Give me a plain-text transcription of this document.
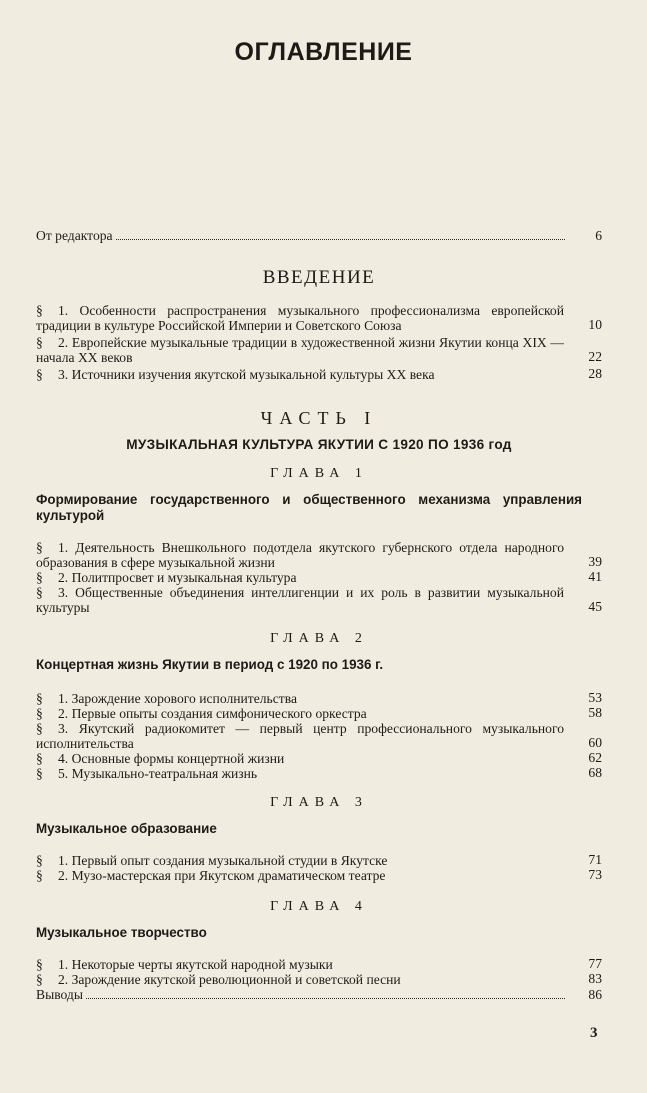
ОГЛАВЛЕНИЕ
От редактора	6
ВВЕДЕНИЕ
§ 1. Особенности распространения музыкального профессионализма европейской традиции в культуре Российской Империи и Советского Союза	10
§ 2. Европейские музыкальные традиции в художественной жизни Якутии конца XIX — начала XX веков	22
§ 3. Источники изучения якутской музыкальной культуры XX века	28
ЧАСТЬ I
МУЗЫКАЛЬНАЯ КУЛЬТУРА ЯКУТИИ С 1920 ПО 1936 год
ГЛАВА 1
Формирование государственного и общественного механизма управления культурой
§ 1. Деятельность Внешкольного подотдела якутского губернского отдела народного образования в сфере музыкальной жизни	39
§ 2. Политпросвет и музыкальная культура	41
§ 3. Общественные объединения интеллигенции и их роль в развитии музыкальной культуры	45
ГЛАВА 2
Концертная жизнь Якутии в период с 1920 по 1936 г.
§ 1. Зарождение хорового исполнительства	53
§ 2. Первые опыты создания симфонического оркестра	58
§ 3. Якутский радиокомитет — первый центр профессионального музыкального исполнительства	60
§ 4. Основные формы концертной жизни	62
§ 5. Музыкально-театральная жизнь	68
ГЛАВА 3
Музыкальное образование
§ 1. Первый опыт создания музыкальной студии в Якутске	71
§ 2. Музо-мастерская при Якутском драматическом театре	73
ГЛАВА 4
Музыкальное творчество
§ 1. Некоторые черты якутской народной музыки	77
§ 2. Зарождение якутской революционной и советской песни	83
Выводы	86
3
